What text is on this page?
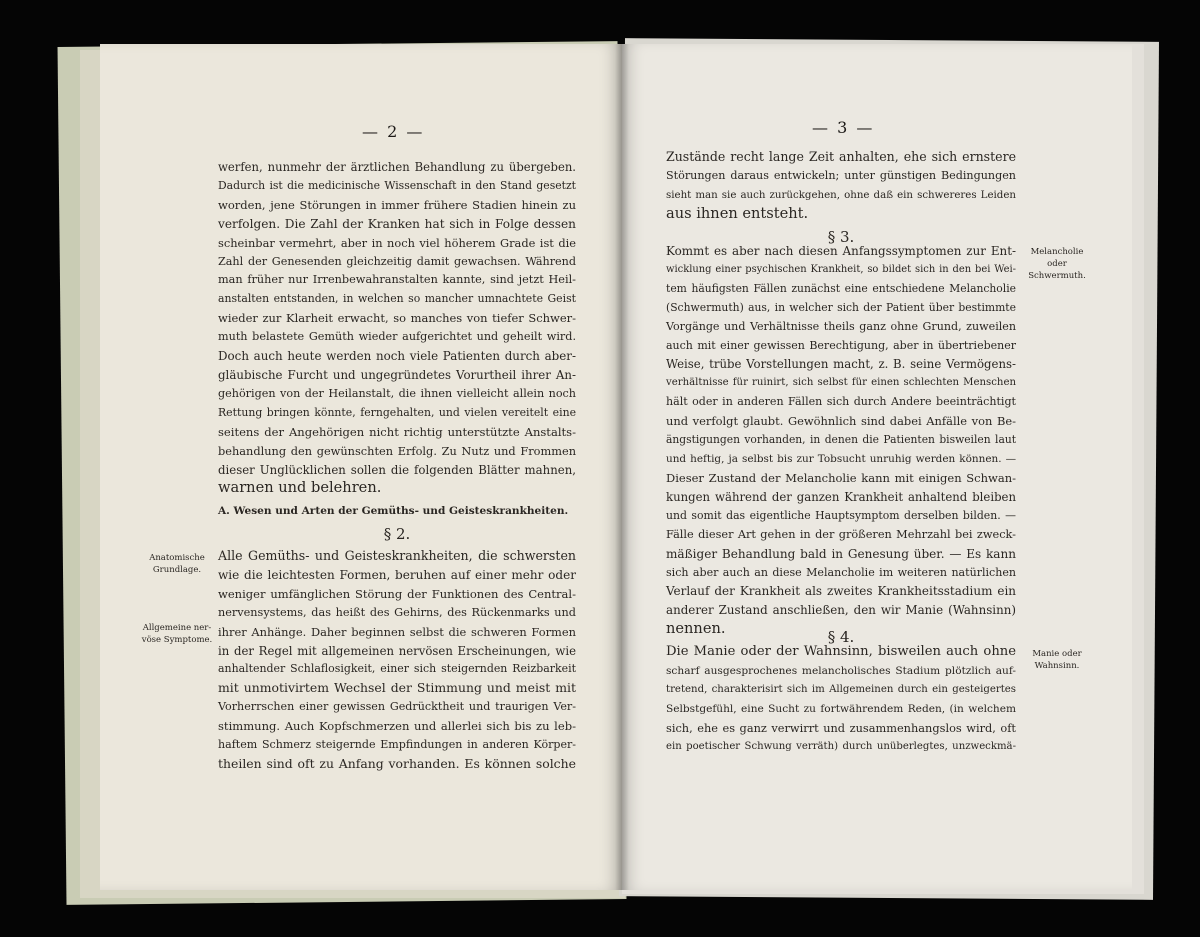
— 2 —
werfen, nunmehr der ärztlichen Behandlung zu übergeben.
Dadurch ist die medicinische Wissenschaft in den Stand gesetzt
worden, jene Störungen in immer frühere Stadien hinein zu
verfolgen. Die Zahl der Kranken hat sich in Folge dessen
scheinbar vermehrt, aber in noch viel höherem Grade ist die
Zahl der Genesenden gleichzeitig damit gewachsen. Während
man früher nur Irrenbewahranstalten kannte, sind jetzt Heil-
anstalten entstanden, in welchen so mancher umnachtete Geist
wieder zur Klarheit erwacht, so manches von tiefer Schwer-
muth belastete Gemüth wieder aufgerichtet und geheilt wird.
Doch auch heute werden noch viele Patienten durch aber-
gläubische Furcht und ungegründetes Vorurtheil ihrer An-
gehörigen von der Heilanstalt, die ihnen vielleicht allein noch
Rettung bringen könnte, ferngehalten, und vielen vereitelt eine
seitens der Angehörigen nicht richtig unterstützte Anstalts-
behandlung den gewünschten Erfolg. Zu Nutz und Frommen
dieser Unglücklichen sollen die folgenden Blätter mahnen,
warnen und belehren.
A. Wesen und Arten der Gemüths- und Geisteskrankheiten.
§ 2.
Alle Gemüths- und Geisteskrankheiten, die schwersten
wie die leichtesten Formen, beruhen auf einer mehr oder
weniger umfänglichen Störung der Funktionen des Central-
nervensystems, das heißt des Gehirns, des Rückenmarks und
ihrer Anhänge. Daher beginnen selbst die schweren Formen
in der Regel mit allgemeinen nervösen Erscheinungen, wie
anhaltender Schlaflosigkeit, einer sich steigernden Reizbarkeit
mit unmotivirtem Wechsel der Stimmung und meist mit
Vorherrschen einer gewissen Gedrücktheit und traurigen Ver-
stimmung. Auch Kopfschmerzen und allerlei sich bis zu leb-
haftem Schmerz steigernde Empfindungen in anderen Körper-
theilen sind oft zu Anfang vorhanden. Es können solche
Anatomische
Grundlage.
Allgemeine ner-
vöse Symptome.
— 3 —
Zustände recht lange Zeit anhalten, ehe sich ernstere
Störungen daraus entwickeln; unter günstigen Bedingungen
sieht man sie auch zurückgehen, ohne daß ein schwereres Leiden
aus ihnen entsteht.
§ 3.
Kommt es aber nach diesen Anfangssymptomen zur Ent-
wicklung einer psychischen Krankheit, so bildet sich in den bei Wei-
tem häufigsten Fällen zunächst eine entschiedene Melancholie
(Schwermuth) aus, in welcher sich der Patient über bestimmte
Vorgänge und Verhältnisse theils ganz ohne Grund, zuweilen
auch mit einer gewissen Berechtigung, aber in übertriebener
Weise, trübe Vorstellungen macht, z. B. seine Vermögens-
verhältnisse für ruinirt, sich selbst für einen schlechten Menschen
hält oder in anderen Fällen sich durch Andere beeinträchtigt
und verfolgt glaubt. Gewöhnlich sind dabei Anfälle von Be-
ängstigungen vorhanden, in denen die Patienten bisweilen laut
und heftig, ja selbst bis zur Tobsucht unruhig werden können. —
Dieser Zustand der Melancholie kann mit einigen Schwan-
kungen während der ganzen Krankheit anhaltend bleiben
und somit das eigentliche Hauptsymptom derselben bilden. —
Fälle dieser Art gehen in der größeren Mehrzahl bei zweck-
mäßiger Behandlung bald in Genesung über. — Es kann
sich aber auch an diese Melancholie im weiteren natürlichen
Verlauf der Krankheit als zweites Krankheitsstadium ein
anderer Zustand anschließen, den wir Manie (Wahnsinn)
nennen.	§ 4.
Die Manie oder der Wahnsinn, bisweilen auch ohne
scharf ausgesprochenes melancholisches Stadium plötzlich auf-
tretend, charakterisirt sich im Allgemeinen durch ein gesteigertes
Selbstgefühl, eine Sucht zu fortwährendem Reden, (in welchem
sich, ehe es ganz verwirrt und zusammenhangslos wird, oft
ein poetischer Schwung verräth) durch unüberlegtes, unzweckmä-
Melancholie oder
Schwermuth.
Manie oder
Wahnsinn.
